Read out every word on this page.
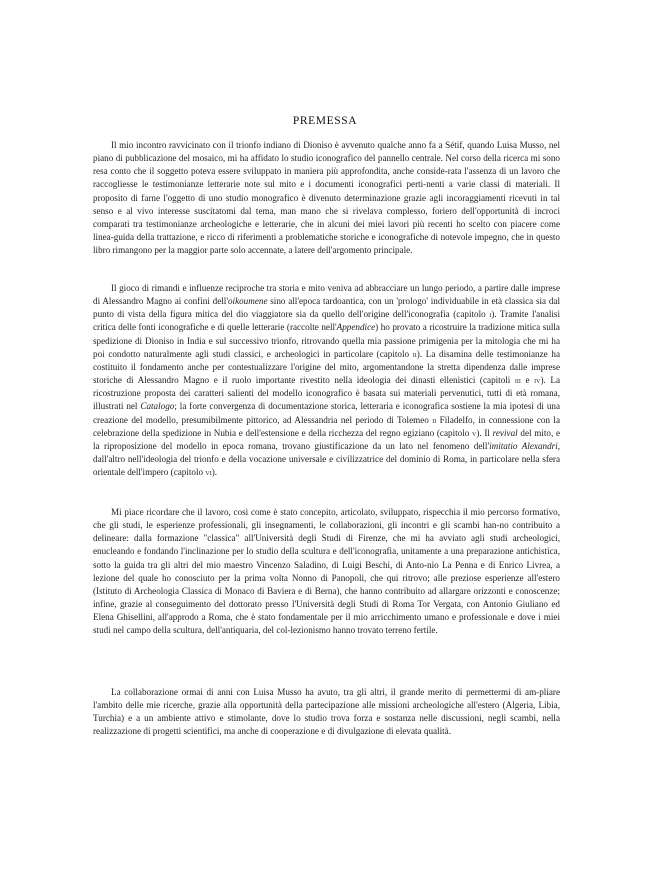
PREMESSA

Il mio incontro ravvicinato con il trionfo indiano di Dioniso è avvenuto qualche anno fa a Sétif, quando Luisa Musso, nel piano di pubblicazione del mosaico, mi ha affidato lo studio iconografico del pannello centrale. Nel corso della ricerca mi sono resa conto che il soggetto poteva essere sviluppato in maniera più approfondita, anche conside-rata l'assenza di un lavoro che raccogliesse le testimonianze letterarie note sul mito e i documenti iconografici perti-nenti a varie classi di materiali. Il proposito di farne l'oggetto di uno studio monografico è divenuto determinazione grazie agli incoraggiamenti ricevuti in tal senso e al vivo interesse suscitatomi dal tema, man mano che si rivelava complesso, foriero dell'opportunità di incroci comparati tra testimonianze archeologiche e letterarie, che in alcuni dei miei lavori più recenti ho scelto con piacere come linea-guida della trattazione, e ricco di riferimenti a problematiche storiche e iconografiche di notevole impegno, che in questo libro rimangono per la maggior parte solo accennate, a latere dell'argomento principale.

Il gioco di rimandi e influenze reciproche tra storia e mito veniva ad abbracciare un lungo periodo, a partire dalle imprese di Alessandro Magno ai confini dell'oikoumene sino all'epoca tardoantica, con un 'prologo' individuabile in età classica sia dal punto di vista della figura mitica del dio viaggiatore sia da quello dell'origine dell'iconografia (capitolo i). Tramite l'analisi critica delle fonti iconografiche e di quelle letterarie (raccolte nell'Appendice) ho provato a ricostruire la tradizione mitica sulla spedizione di Dioniso in India e sul successivo trionfo, ritrovando quella mia passione primigenia per la mitologia che mi ha poi condotto naturalmente agli studi classici, e archeologici in particolare (capitolo ii). La disamina delle testimonianze ha costituito il fondamento anche per contestualizzare l'origine del mito, argomentandone la stretta dipendenza dalle imprese storiche di Alessandro Magno e il ruolo importante rivestito nella ideologia dei dinasti ellenistici (capitoli iii e iv). La ricostruzione proposta dei caratteri salienti del modello iconografico è basata sui materiali pervenutici, tutti di età romana, illustrati nel Catalogo; la forte convergenza di documentazione storica, letteraria e iconografica sostiene la mia ipotesi di una creazione del modello, presumibilmente pittorico, ad Alessandria nel periodo di Tolemeo ii Filadelfo, in connessione con la celebrazione della spedizione in Nubia e dell'estensione e della ricchezza del regno egiziano (capitolo v). Il revival del mito, e la riproposizione del modello in epoca romana, trovano giustificazione da un lato nel fenomeno dell'imitatio Alexandri, dall'altro nell'ideologia del trionfo e della vocazione universale e civilizzatrice del dominio di Roma, in particolare nella sfera orientale dell'impero (capitolo vi).

Mi piace ricordare che il lavoro, così come è stato concepito, articolato, sviluppato, rispecchia il mio percorso formativo, che gli studi, le esperienze professionali, gli insegnamenti, le collaborazioni, gli incontri e gli scambi han-no contribuito a delineare: dalla formazione "classica" all'Università degli Studi di Firenze, che mi ha avviato agli studi archeologici, enucleando e fondando l'inclinazione per lo studio della scultura e dell'iconografia, unitamente a una preparazione antichistica, sotto la guida tra gli altri del mio maestro Vincenzo Saladino, di Luigi Beschi, di Anto-nio La Penna e di Enrico Livrea, a lezione del quale ho conosciuto per la prima volta Nonno di Panopoli, che qui ritrovo; alle preziose esperienze all'estero (Istituto di Archeologia Classica di Monaco di Baviera e di Berna), che hanno contribuito ad allargare orizzonti e conoscenze; infine, grazie al conseguimento del dottorato presso l'Università degli Studi di Roma Tor Vergata, con Antonio Giuliano ed Elena Ghisellini, all'approdo a Roma, che è stato fondamentale per il mio arricchimento umano e professionale e dove i miei studi nel campo della scultura, dell'antiquaria, del col-lezionismo hanno trovato terreno fertile.

La collaborazione ormai di anni con Luisa Musso ha avuto, tra gli altri, il grande merito di permettermi di am-pliare l'ambito delle mie ricerche, grazie alla opportunità della partecipazione alle missioni archeologiche all'estero (Algeria, Libia, Turchia) e a un ambiente attivo e stimolante, dove lo studio trova forza e sostanza nelle discussioni, negli scambi, nella realizzazione di progetti scientifici, ma anche di cooperazione e di divulgazione di elevata qualità.
